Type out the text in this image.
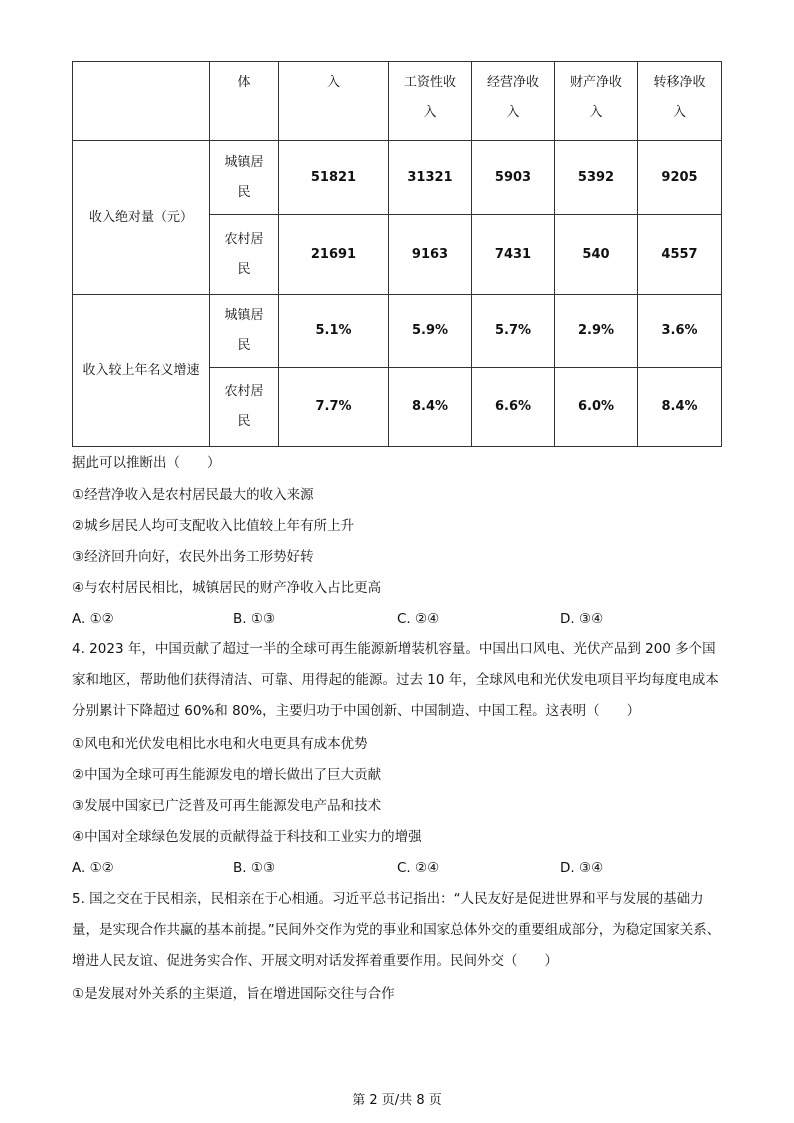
	体	入	工资性收入	经营净收入	财产净收入	转移净收入
收入绝对量（元）	城镇居民	51821	31321	5903	5392	9205
	农村居民	21691	9163	7431	540	4557
收入较上年名义增速	城镇居民	5.1%	5.9%	5.7%	2.9%	3.6%
	农村居民	7.7%	8.4%	6.6%	6.0%	8.4%
据此可以推断出（　　）
①经营净收入是农村居民最大的收入来源
②城乡居民人均可支配收入比值较上年有所上升
③经济回升向好，农民外出务工形势好转
④与农村居民相比，城镇居民的财产净收入占比更高
A. ①②	B. ①③	C. ②④	D. ③④
4. 2023 年，中国贡献了超过一半的全球可再生能源新增装机容量。中国出口风电、光伏产品到 200 多个国家和地区，帮助他们获得清洁、可靠、用得起的能源。过去 10 年，全球风电和光伏发电项目平均每度电成本分别累计下降超过 60%和 80%，主要归功于中国创新、中国制造、中国工程。这表明（　　）
①风电和光伏发电相比水电和火电更具有成本优势
②中国为全球可再生能源发电的增长做出了巨大贡献
③发展中国家已广泛普及可再生能源发电产品和技术
④中国对全球绿色发展的贡献得益于科技和工业实力的增强
A. ①②	B. ①③	C. ②④	D. ③④
5. 国之交在于民相亲，民相亲在于心相通。习近平总书记指出：“人民友好是促进世界和平与发展的基础力量，是实现合作共赢的基本前提。”民间外交作为党的事业和国家总体外交的重要组成部分，为稳定国家关系、增进人民友谊、促进务实合作、开展文明对话发挥着重要作用。民间外交（　　）
①是发展对外关系的主渠道，旨在增进国际交往与合作
第 2 页/共 8 页
